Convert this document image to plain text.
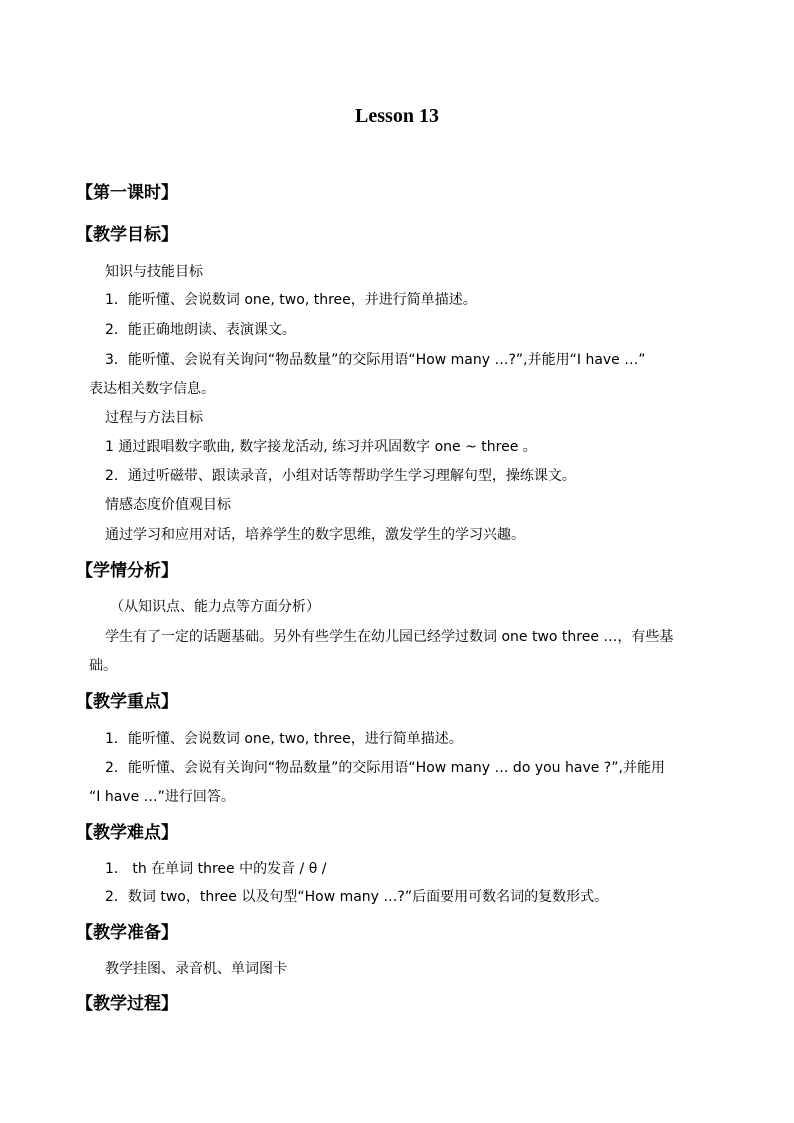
Lesson 13
【第一课时】
【教学目标】
知识与技能目标
1．能听懂、会说数词 one, two, three，并进行简单描述。
2．能正确地朗读、表演课文。
3．能听懂、会说有关询问“物品数量”的交际用语“How many …?”,并能用“I have …”
表达相关数字信息。
过程与方法目标
1 通过跟唱数字歌曲, 数字接龙活动, 练习并巩固数字 one ~ three 。
2．通过听磁带、跟读录音，小组对话等帮助学生学习理解句型，操练课文。
情感态度价值观目标
通过学习和应用对话，培养学生的数字思维，激发学生的学习兴趣。
【学情分析】
（从知识点、能力点等方面分析）
学生有了一定的话题基础。另外有些学生在幼儿园已经学过数词 one two three …，有些基
础。
【教学重点】
1．能听懂、会说数词 one, two, three，进行简单描述。
2．能听懂、会说有关询问“物品数量”的交际用语“How many … do you have ?”,并能用
“I have …”进行回答。
【教学难点】
1． th 在单词 three 中的发音 / θ /
2．数词 two，three 以及句型“How many …?”后面要用可数名词的复数形式。
【教学准备】
教学挂图、录音机、单词图卡
【教学过程】
